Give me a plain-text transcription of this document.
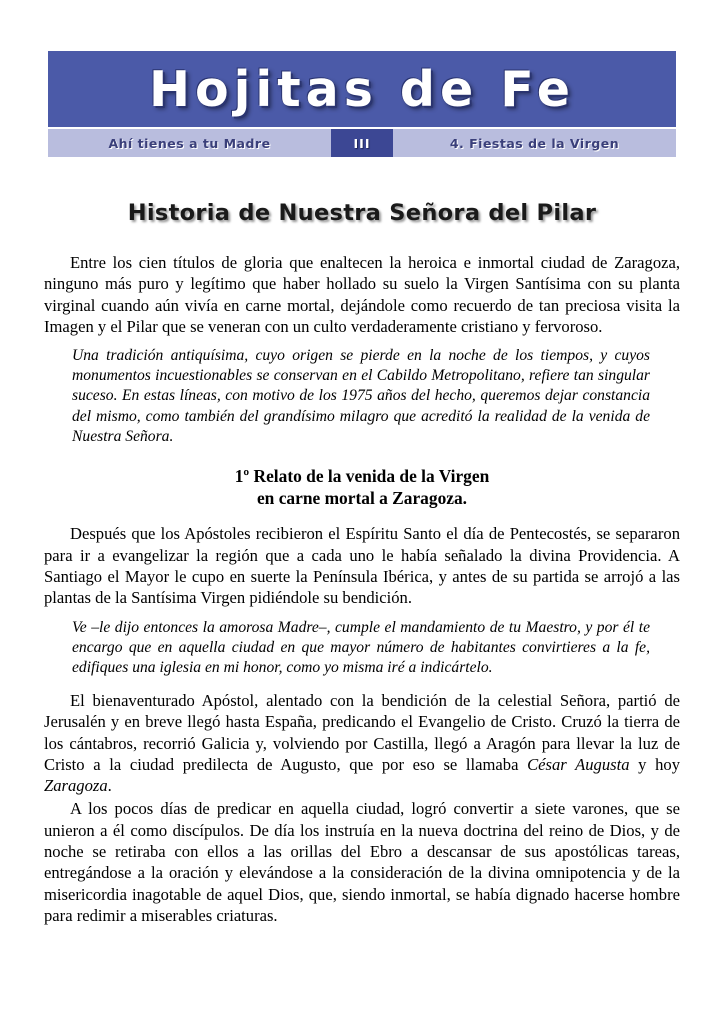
Hojitas de Fe
Ahí tienes a tu Madre	III	4. Fiestas de la Virgen
Historia de Nuestra Señora del Pilar

Entre los cien títulos de gloria que enaltecen la heroica e inmortal ciudad de Zaragoza, ninguno más puro y legítimo que haber hollado su suelo la Virgen Santísima con su planta virginal cuando aún vivía en carne mortal, dejándole como recuerdo de tan preciosa visita la Imagen y el Pilar que se veneran con un culto verdaderamente cristiano y fervoroso.

Una tradición antiquísima, cuyo origen se pierde en la noche de los tiempos, y cuyos monumentos incuestionables se conservan en el Cabildo Metropolitano, refiere tan singular suceso. En estas líneas, con motivo de los 1975 años del hecho, queremos dejar constancia del mismo, como también del grandísimo milagro que acreditó la realidad de la venida de Nuestra Señora.

1º Relato de la venida de la Virgen
en carne mortal a Zaragoza.

Después que los Apóstoles recibieron el Espíritu Santo el día de Pentecostés, se separaron para ir a evangelizar la región que a cada uno le había señalado la divina Providencia. A Santiago el Mayor le cupo en suerte la Península Ibérica, y antes de su partida se arrojó a las plantas de la Santísima Virgen pidiéndole su bendición.

Ve –le dijo entonces la amorosa Madre–, cumple el mandamiento de tu Maestro, y por él te encargo que en aquella ciudad en que mayor número de habitantes convirtieres a la fe, edifiques una iglesia en mi honor, como yo misma iré a indicártelo.

El bienaventurado Apóstol, alentado con la bendición de la celestial Señora, partió de Jerusalén y en breve llegó hasta España, predicando el Evangelio de Cristo. Cruzó la tierra de los cántabros, recorrió Galicia y, volviendo por Castilla, llegó a Aragón para llevar la luz de Cristo a la ciudad predilecta de Augusto, que por eso se llamaba César Augusta y hoy Zaragoza.

A los pocos días de predicar en aquella ciudad, logró convertir a siete varones, que se unieron a él como discípulos. De día los instruía en la nueva doctrina del reino de Dios, y de noche se retiraba con ellos a las orillas del Ebro a descansar de sus apostólicas tareas, entregándose a la oración y elevándose a la consideración de la divina omnipotencia y de la misericordia inagotable de aquel Dios, que, siendo inmortal, se había dignado hacerse hombre para redimir a miserables criaturas.
